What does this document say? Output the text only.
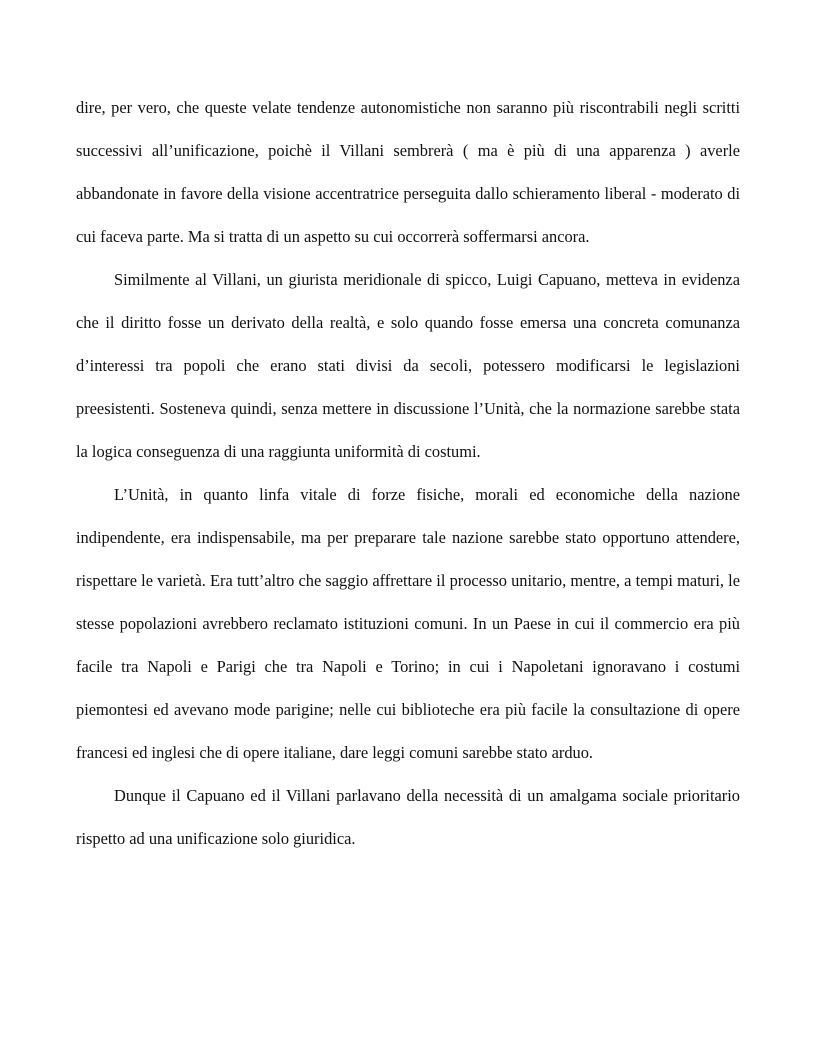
dire, per vero, che queste velate tendenze autonomistiche non saranno più riscontrabili negli scritti successivi all’unificazione, poichè il Villani sembrerà ( ma è più di una apparenza ) averle abbandonate in favore della visione accentratrice perseguita dallo schieramento liberal - moderato di cui faceva parte. Ma si tratta di un aspetto su cui occorrerà soffermarsi ancora.

Similmente al Villani, un giurista meridionale di spicco, Luigi Capuano, metteva in evidenza che il diritto fosse un derivato della realtà, e solo quando fosse emersa una concreta comunanza d’interessi tra popoli che erano stati divisi da secoli, potessero modificarsi le legislazioni preesistenti. Sosteneva quindi, senza mettere in discussione l’Unità, che la normazione sarebbe stata la logica conseguenza di una raggiunta uniformità di costumi.

L’Unità, in quanto linfa vitale di forze fisiche, morali ed economiche della nazione indipendente, era indispensabile, ma per preparare tale nazione sarebbe stato opportuno attendere, rispettare le varietà. Era tutt’altro che saggio affrettare il processo unitario, mentre, a tempi maturi, le stesse popolazioni avrebbero reclamato istituzioni comuni. In un Paese in cui il commercio era più facile tra Napoli e Parigi che tra Napoli e Torino; in cui i Napoletani ignoravano i costumi piemontesi ed avevano mode parigine; nelle cui biblioteche era più facile la consultazione di opere francesi ed inglesi che di opere italiane, dare leggi comuni sarebbe stato arduo.

Dunque il Capuano ed il Villani parlavano della necessità di un amalgama sociale prioritario rispetto ad una unificazione solo giuridica.
